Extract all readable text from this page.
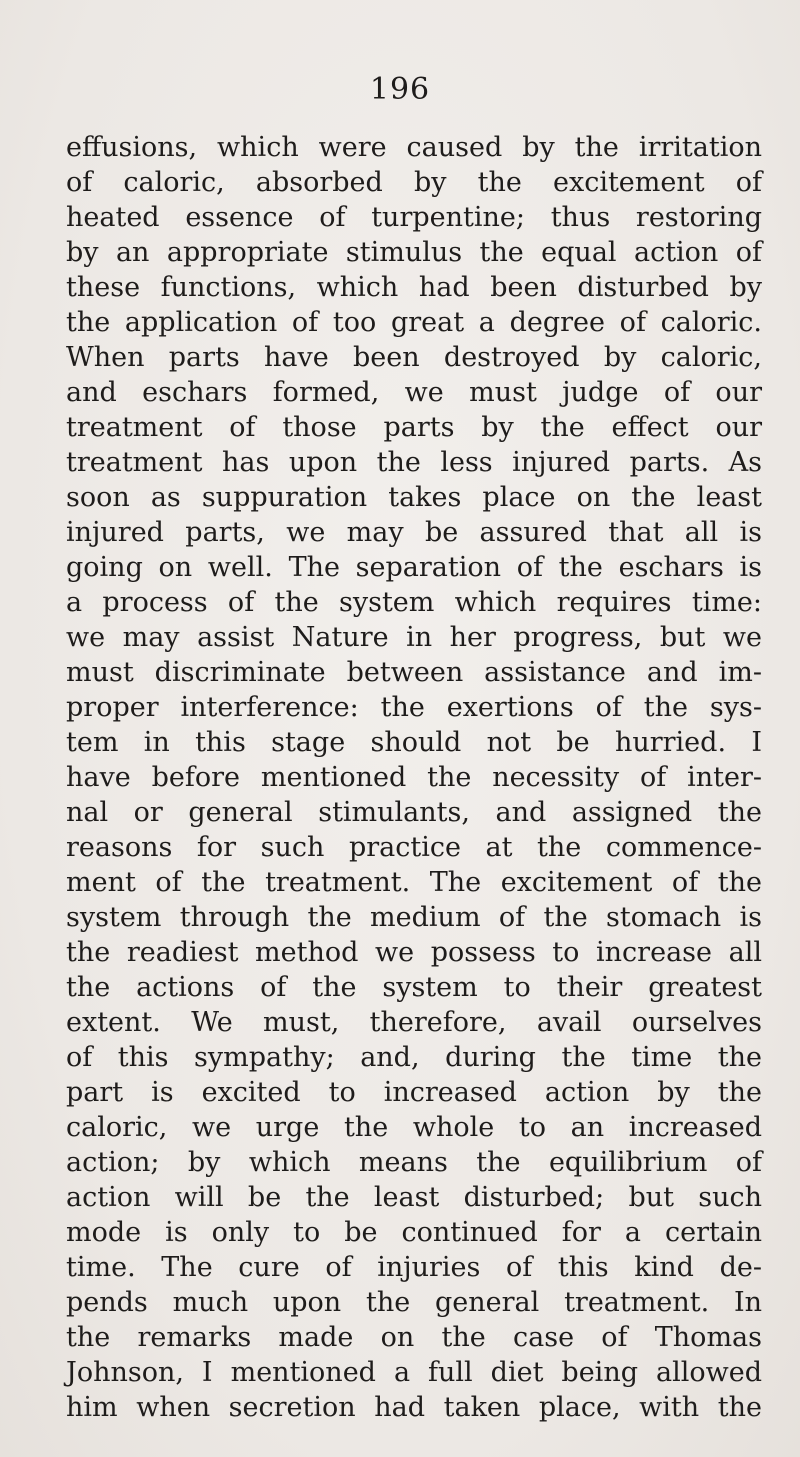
196
effusions, which were caused by the irritation
of caloric, absorbed by the excitement of
heated essence of turpentine; thus restoring
by an appropriate stimulus the equal action of
these functions, which had been disturbed by
the application of too great a degree of caloric.
When parts have been destroyed by caloric,
and eschars formed, we must judge of our
treatment of those parts by the effect our
treatment has upon the less injured parts. As
soon as suppuration takes place on the least
injured parts, we may be assured that all is
going on well. The separation of the eschars is
a process of the system which requires time:
we may assist Nature in her progress, but we
must discriminate between assistance and im-
proper interference: the exertions of the sys-
tem in this stage should not be hurried. I
have before mentioned the necessity of inter-
nal or general stimulants, and assigned the
reasons for such practice at the commence-
ment of the treatment. The excitement of the
system through the medium of the stomach is
the readiest method we possess to increase all
the actions of the system to their greatest
extent. We must, therefore, avail ourselves
of this sympathy; and, during the time the
part is excited to increased action by the
caloric, we urge the whole to an increased
action; by which means the equilibrium of
action will be the least disturbed; but such
mode is only to be continued for a certain
time. The cure of injuries of this kind de-
pends much upon the general treatment. In
the remarks made on the case of Thomas
Johnson, I mentioned a full diet being allowed
him when secretion had taken place, with the
